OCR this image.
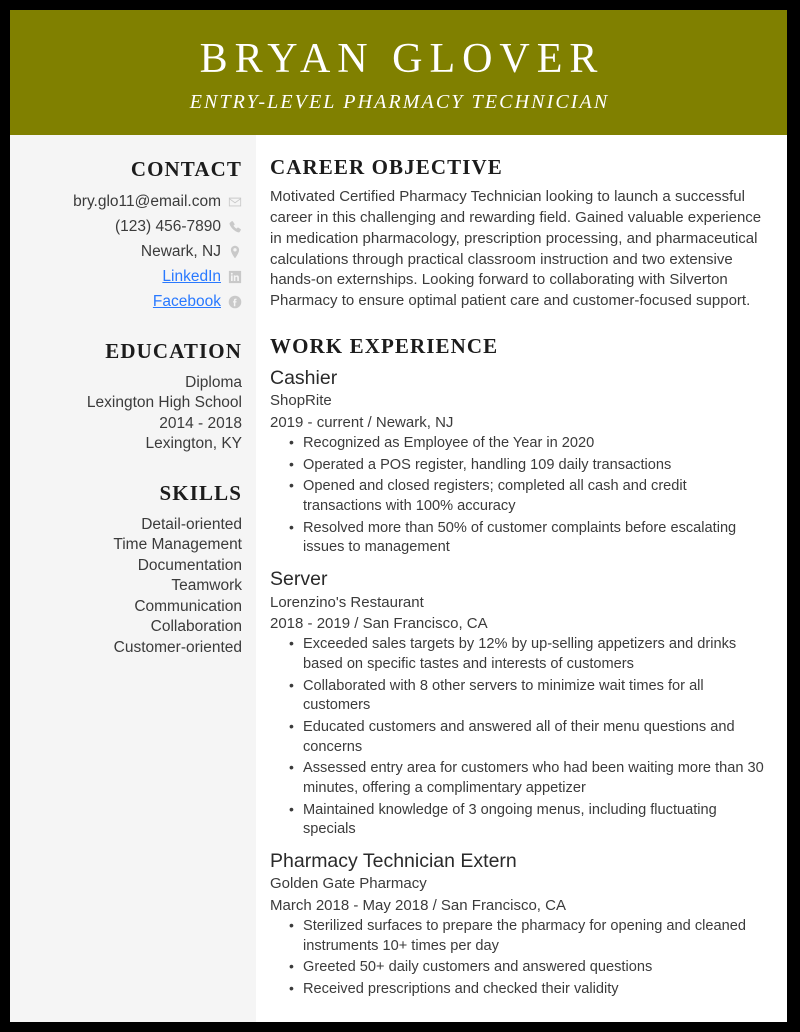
BRYAN GLOVER
ENTRY-LEVEL PHARMACY TECHNICIAN
CONTACT
bry.glo11@email.com
(123) 456-7890
Newark, NJ
LinkedIn
Facebook
EDUCATION
Diploma
Lexington High School
2014 - 2018
Lexington, KY
SKILLS
Detail-oriented
Time Management
Documentation
Teamwork
Communication
Collaboration
Customer-oriented
CAREER OBJECTIVE
Motivated Certified Pharmacy Technician looking to launch a successful career in this challenging and rewarding field. Gained valuable experience in medication pharmacology, prescription processing, and pharmaceutical calculations through practical classroom instruction and two extensive hands-on externships. Looking forward to collaborating with Silverton Pharmacy to ensure optimal patient care and customer-focused support.
WORK EXPERIENCE
Cashier
ShopRite
2019 - current / Newark, NJ
• Recognized as Employee of the Year in 2020
• Operated a POS register, handling 109 daily transactions
• Opened and closed registers; completed all cash and credit transactions with 100% accuracy
• Resolved more than 50% of customer complaints before escalating issues to management
Server
Lorenzino's Restaurant
2018 - 2019 / San Francisco, CA
• Exceeded sales targets by 12% by up-selling appetizers and drinks based on specific tastes and interests of customers
• Collaborated with 8 other servers to minimize wait times for all customers
• Educated customers and answered all of their menu questions and concerns
• Assessed entry area for customers who had been waiting more than 30 minutes, offering a complimentary appetizer
• Maintained knowledge of 3 ongoing menus, including fluctuating specials
Pharmacy Technician Extern
Golden Gate Pharmacy
March 2018 - May 2018 / San Francisco, CA
• Sterilized surfaces to prepare the pharmacy for opening and cleaned instruments 10+ times per day
• Greeted 50+ daily customers and answered questions
• Received prescriptions and checked their validity
